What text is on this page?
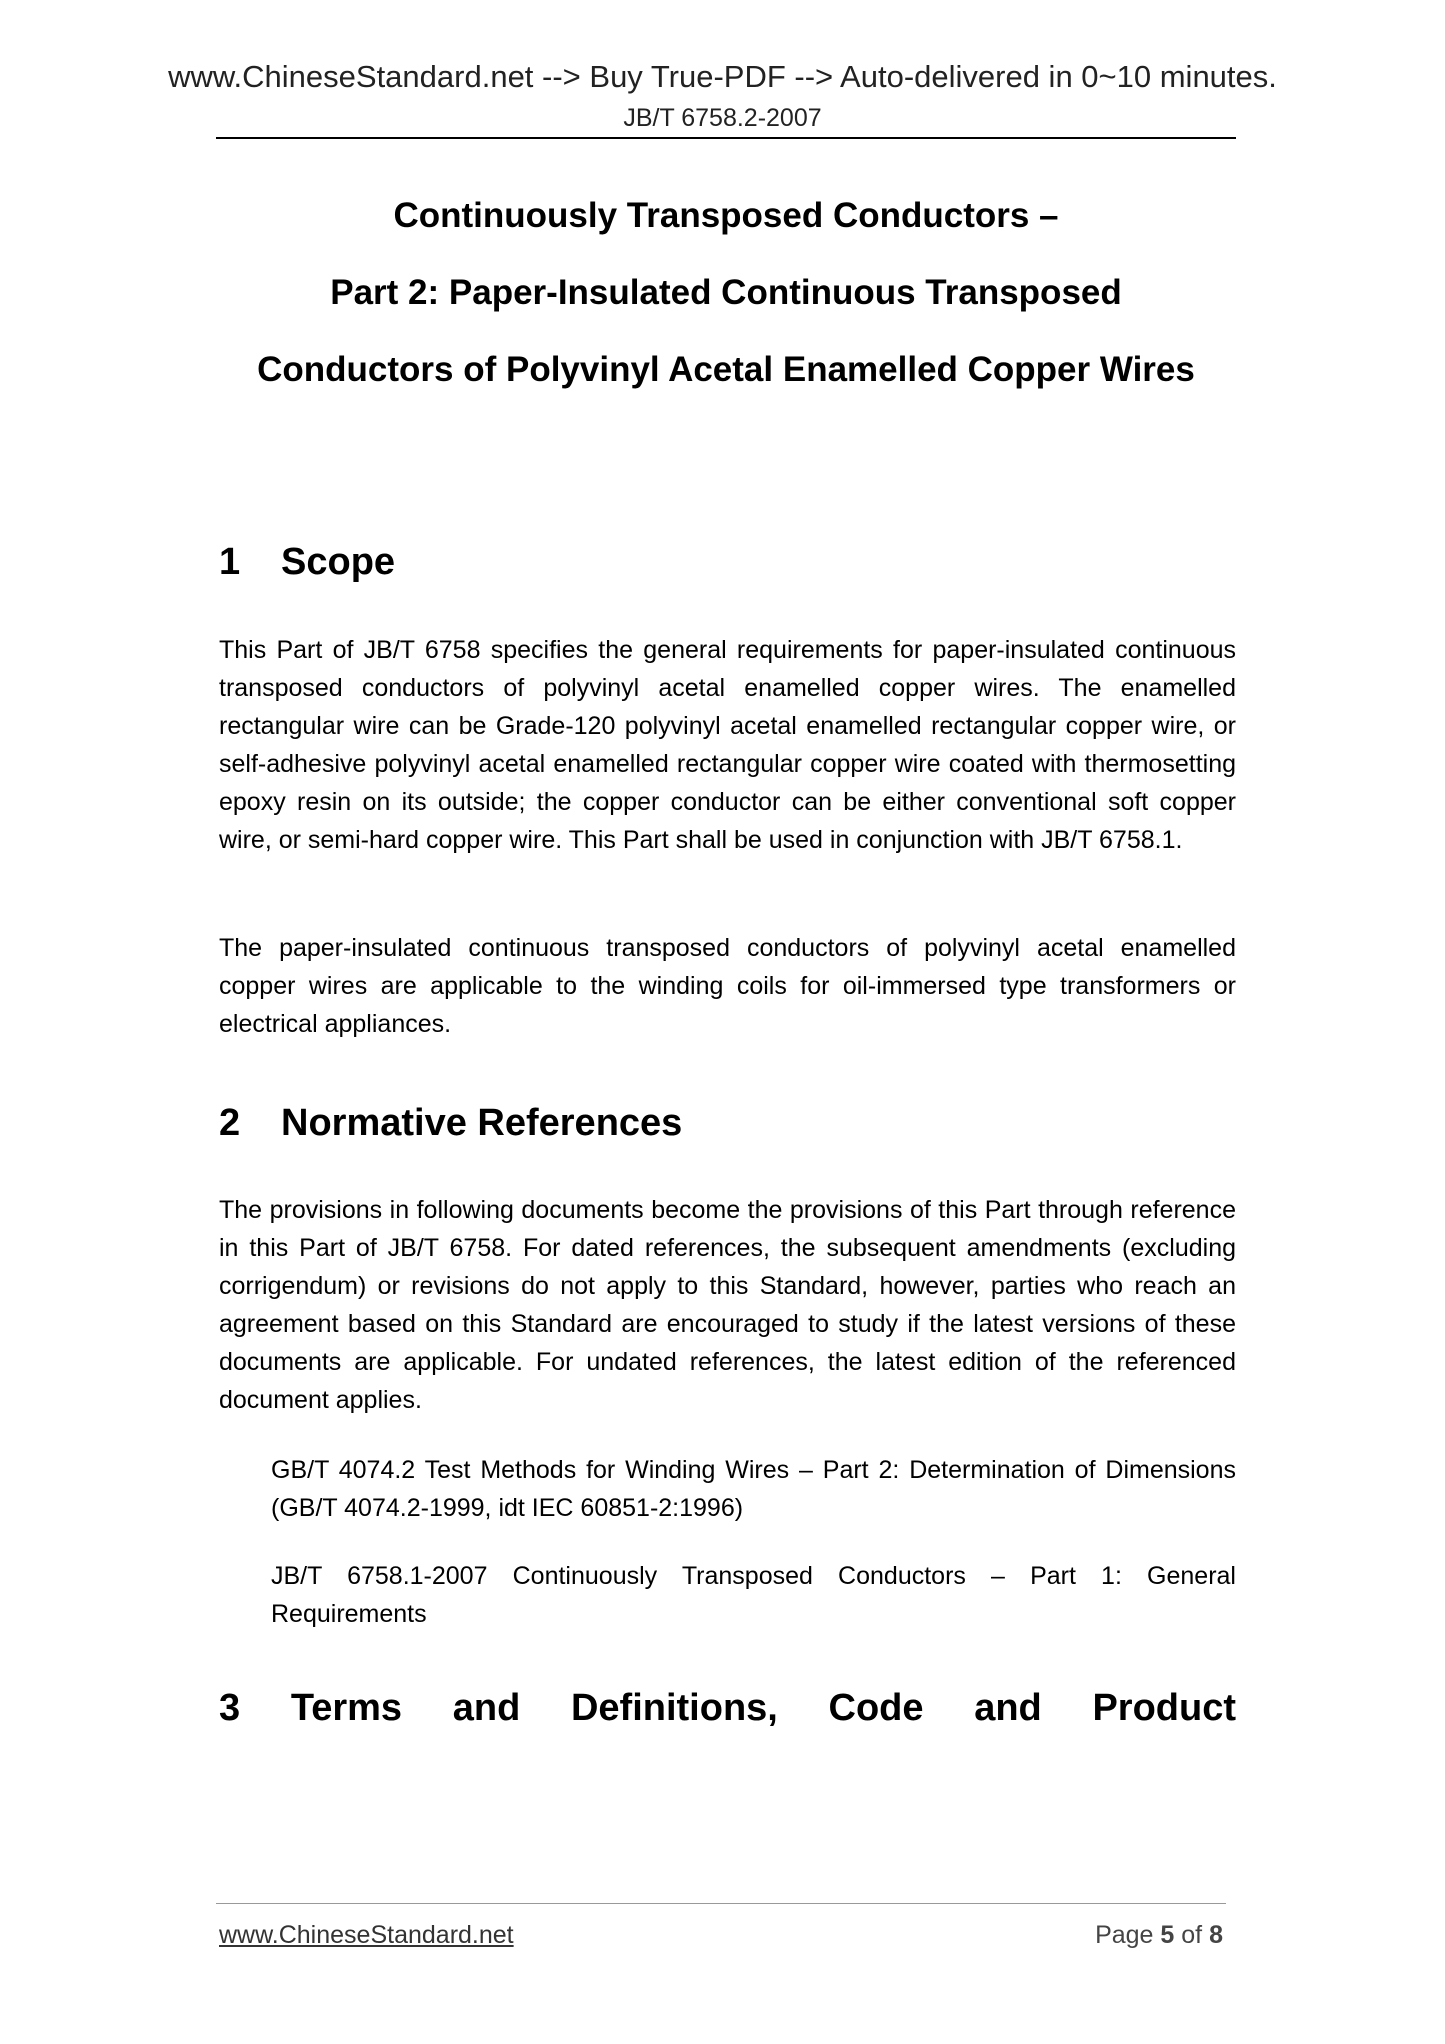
www.ChineseStandard.net --> Buy True-PDF --> Auto-delivered in 0~10 minutes.
JB/T 6758.2-2007
Continuously Transposed Conductors –
Part 2: Paper-Insulated Continuous Transposed
Conductors of Polyvinyl Acetal Enamelled Copper Wires
1	Scope

This Part of JB/T 6758 specifies the general requirements for paper-insulated continuous transposed conductors of polyvinyl acetal enamelled copper wires. The enamelled rectangular wire can be Grade-120 polyvinyl acetal enamelled rectangular copper wire, or self-adhesive polyvinyl acetal enamelled rectangular copper wire coated with thermosetting epoxy resin on its outside; the copper conductor can be either conventional soft copper wire, or semi-hard copper wire. This Part shall be used in conjunction with JB/T 6758.1.

The paper-insulated continuous transposed conductors of polyvinyl acetal enamelled copper wires are applicable to the winding coils for oil-immersed type transformers or electrical appliances.

2	Normative References

The provisions in following documents become the provisions of this Part through reference in this Part of JB/T 6758. For dated references, the subsequent amendments (excluding corrigendum) or revisions do not apply to this Standard, however, parties who reach an agreement based on this Standard are encouraged to study if the latest versions of these documents are applicable. For undated references, the latest edition of the referenced document applies.

GB/T 4074.2 Test Methods for Winding Wires – Part 2: Determination of Dimensions (GB/T 4074.2-1999, idt IEC 60851-2:1996)

JB/T 6758.1-2007 Continuously Transposed Conductors – Part 1: General Requirements

3 Terms and Definitions, Code and Product
www.ChineseStandard.net	Page 5 of 8
